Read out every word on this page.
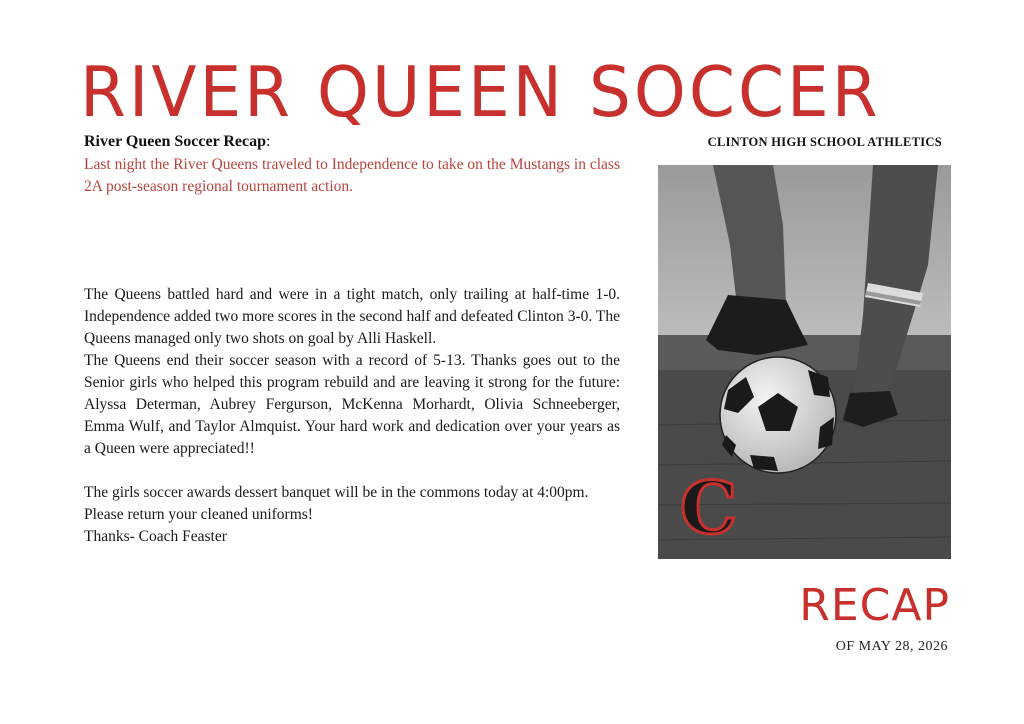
RIVER QUEEN SOCCER
CLINTON HIGH SCHOOL ATHLETICS
River Queen Soccer Recap:

Last night the River Queens traveled to Independence to take on the Mustangs in class 2A post-season regional tournament action.

The Queens battled hard and were in a tight match, only trailing at half-time 1-0. Independence added two more scores in the second half and defeated Clinton 3-0. The Queens managed only two shots on goal by Alli Haskell.

The Queens end their soccer season with a record of 5-13. Thanks goes out to the Senior girls who helped this program rebuild and are leaving it strong for the future: Alyssa Determan, Aubrey Fergurson, McKenna Morhardt, Olivia Schneeberger, Emma Wulf, and Taylor Almquist. Your hard work and dedication over your years as a Queen were appreciated!!

The girls soccer awards dessert banquet will be in the commons today at 4:00pm.

Please return your cleaned uniforms!

Thanks- Coach Feaster	C
RECAP
OF MAY 28, 2026
